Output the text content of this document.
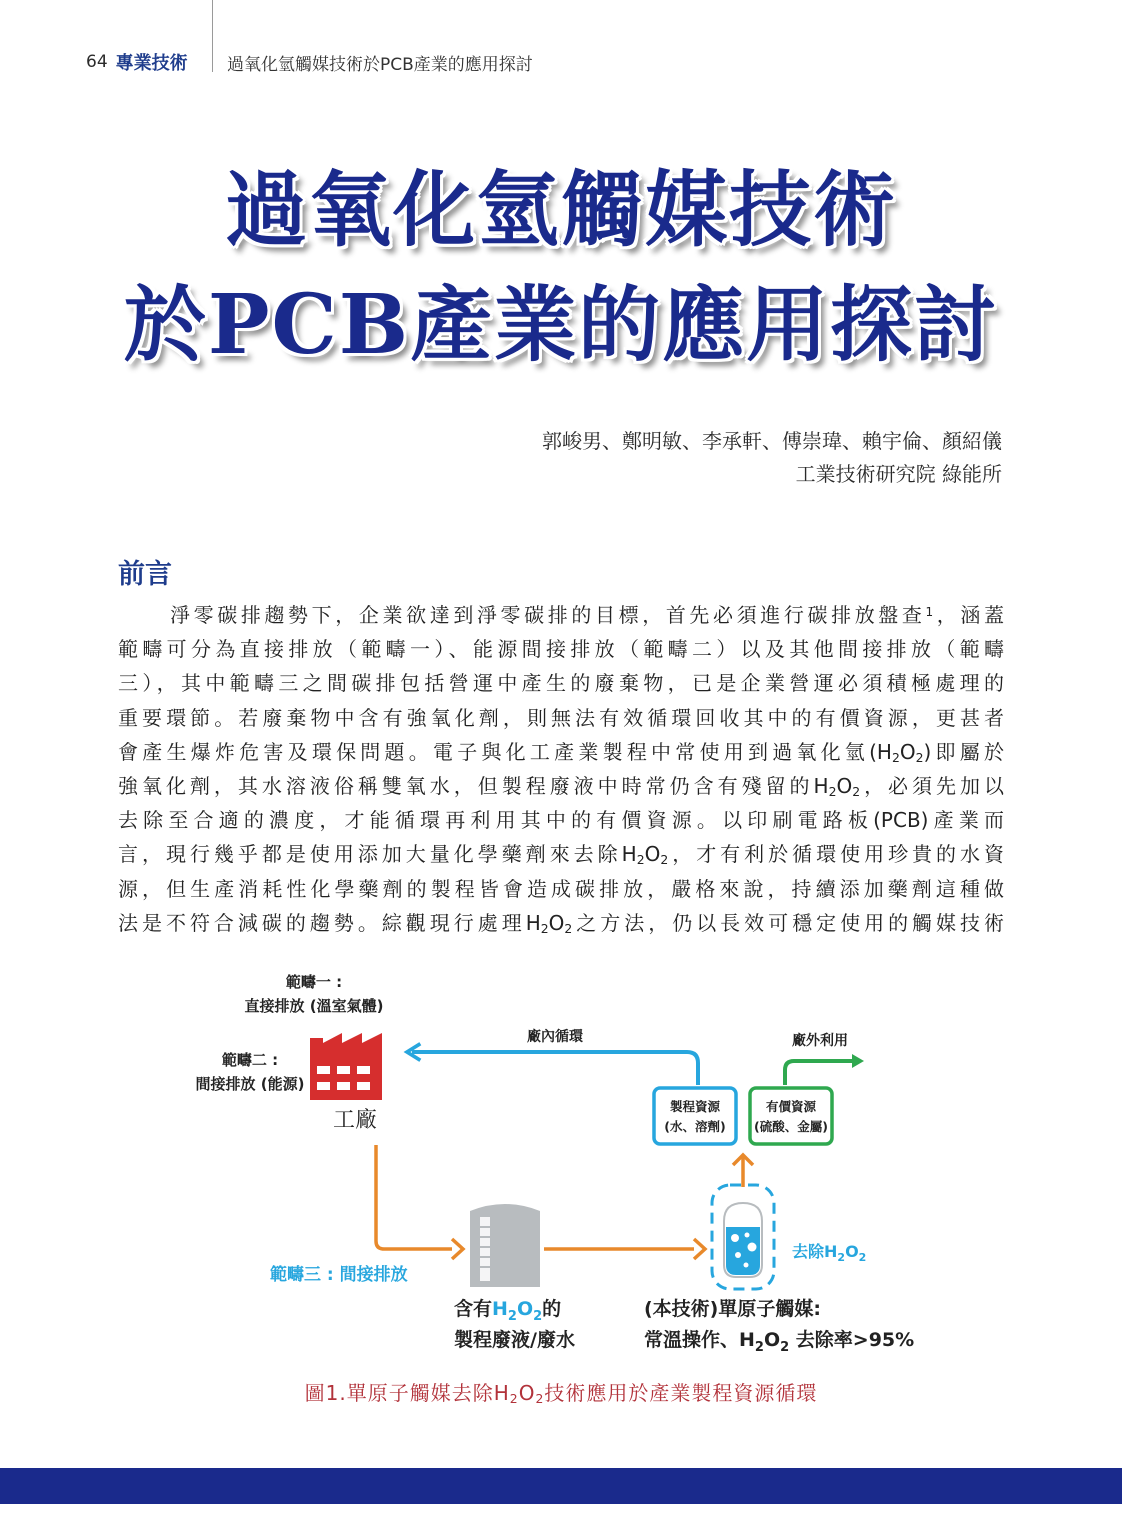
64 專業技術 過氧化氫觸媒技術於PCB產業的應用探討
過氧化氫觸媒技術
於PCB產業的應用探討
郭峻男、鄭明敏、李承軒、傅崇瑋、賴宇倫、顏紹儀
工業技術研究院 綠能所
前言
淨零碳排趨勢下，企業欲達到淨零碳排的目標，首先必須進行碳排放盤查$^1$，涵蓋
範疇可分為直接排放（範疇一）、能源間接排放（範疇二）以及其他間接排放（範疇
三），其中範疇三之間碳排包括營運中產生的廢棄物，已是企業營運必須積極處理的
重要環節。若廢棄物中含有強氧化劑，則無法有效循環回收其中的有價資源，更甚者
會產生爆炸危害及環保問題。電子與化工產業製程中常使用到過氧化氫$(H_2O_2)$即屬於
強氧化劑，其水溶液俗稱雙氧水，但製程廢液中時常仍含有殘留的$H_2O_2$，必須先加以
去除至合適的濃度，才能循環再利用其中的有價資源。以印刷電路板(PCB)產業而
言，現行幾乎都是使用添加大量化學藥劑來去除$H_2O_2$，才有利於循環使用珍貴的水資
源，但生產消耗性化學藥劑的製程皆會造成碳排放，嚴格來說，持續添加藥劑這種做
法是不符合減碳的趨勢。綜觀現行處理$H_2O_2$之方法，仍以長效可穩定使用的觸媒技術
範疇一 :
直接排放 (溫室氣體)
範疇二 :
間接排放 (能源)
工廠
廠內循環
製程資源
(水、溶劑)
有價資源
(硫酸、金屬)
廠外利用
去除$H_2O_2$
範疇三 : 間接排放
含有$H_2O_2$的
製程廢液/廢水
(本技術)單原子觸媒:
常溫操作、$H_2O_2$ 去除率>95%
圖1.單原子觸媒去除$H_2O_2$技術應用於產業製程資源循環
